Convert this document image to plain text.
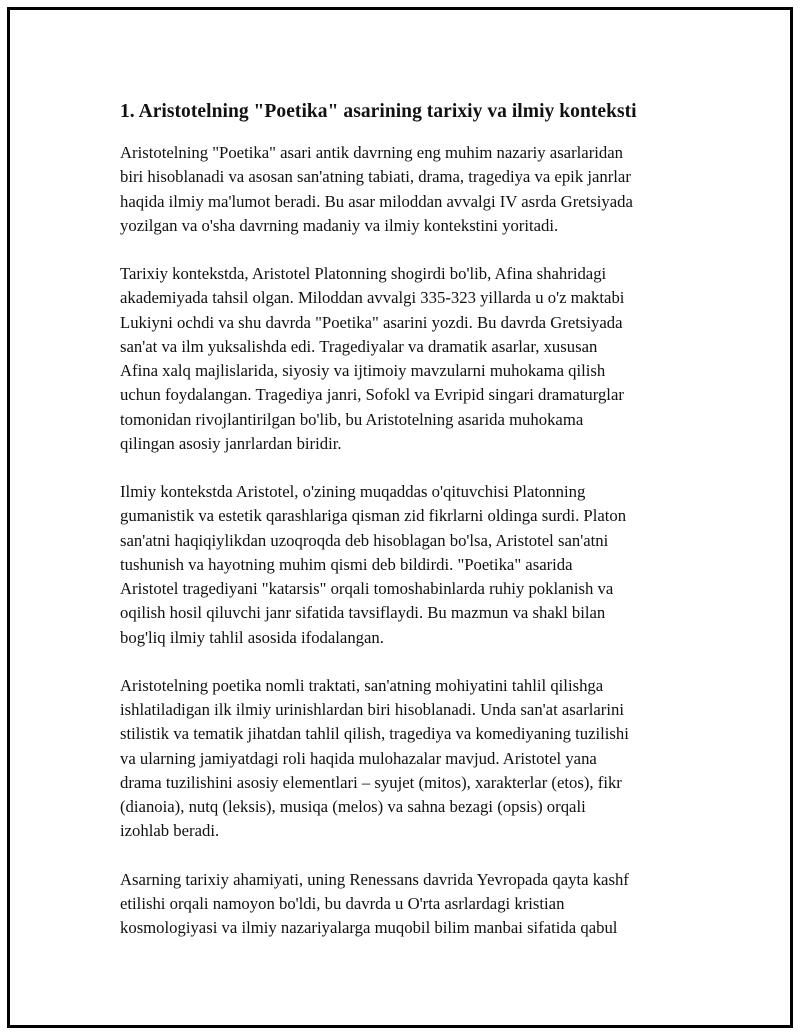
1. Aristotelning "Poetika" asarining tarixiy va ilmiy konteksti

Aristotelning "Poetika" asari antik davrning eng muhim nazariy asarlaridan
biri hisoblanadi va asosan san'atning tabiati, drama, tragediya va epik janrlar
haqida ilmiy ma'lumot beradi. Bu asar miloddan avvalgi IV asrda Gretsiyada
yozilgan va o'sha davrning madaniy va ilmiy kontekstini yoritadi.

Tarixiy kontekstda, Aristotel Platonning shogirdi bo'lib, Afina shahridagi
akademiyada tahsil olgan. Miloddan avvalgi 335-323 yillarda u o'z maktabi
Lukiyni ochdi va shu davrda "Poetika" asarini yozdi. Bu davrda Gretsiyada
san'at va ilm yuksalishda edi. Tragediyalar va dramatik asarlar, xususan
Afina xalq majlislarida, siyosiy va ijtimoiy mavzularni muhokama qilish
uchun foydalangan. Tragediya janri, Sofokl va Evripid singari dramaturglar
tomonidan rivojlantirilgan bo'lib, bu Aristotelning asarida muhokama
qilingan asosiy janrlardan biridir.

Ilmiy kontekstda Aristotel, o'zining muqaddas o'qituvchisi Platonning
gumanistik va estetik qarashlariga qisman zid fikrlarni oldinga surdi. Platon
san'atni haqiqiylikdan uzoqroqda deb hisoblagan bo'lsa, Aristotel san'atni
tushunish va hayotning muhim qismi deb bildirdi. "Poetika" asarida
Aristotel tragediyani "katarsis" orqali tomoshabinlarda ruhiy poklanish va
oqilish hosil qiluvchi janr sifatida tavsiflaydi. Bu mazmun va shakl bilan
bog'liq ilmiy tahlil asosida ifodalangan.

Aristotelning poetika nomli traktati, san'atning mohiyatini tahlil qilishga
ishlatiladigan ilk ilmiy urinishlardan biri hisoblanadi. Unda san'at asarlarini
stilistik va tematik jihatdan tahlil qilish, tragediya va komediyaning tuzilishi
va ularning jamiyatdagi roli haqida mulohazalar mavjud. Aristotel yana
drama tuzilishini asosiy elementlari – syujet (mitos), xarakterlar (etos), fikr
(dianoia), nutq (leksis), musiqa (melos) va sahna bezagi (opsis) orqali
izohlab beradi.

Asarning tarixiy ahamiyati, uning Renessans davrida Yevropada qayta kashf
etilishi orqali namoyon bo'ldi, bu davrda u O'rta asrlardagi kristian
kosmologiyasi va ilmiy nazariyalarga muqobil bilim manbai sifatida qabul
